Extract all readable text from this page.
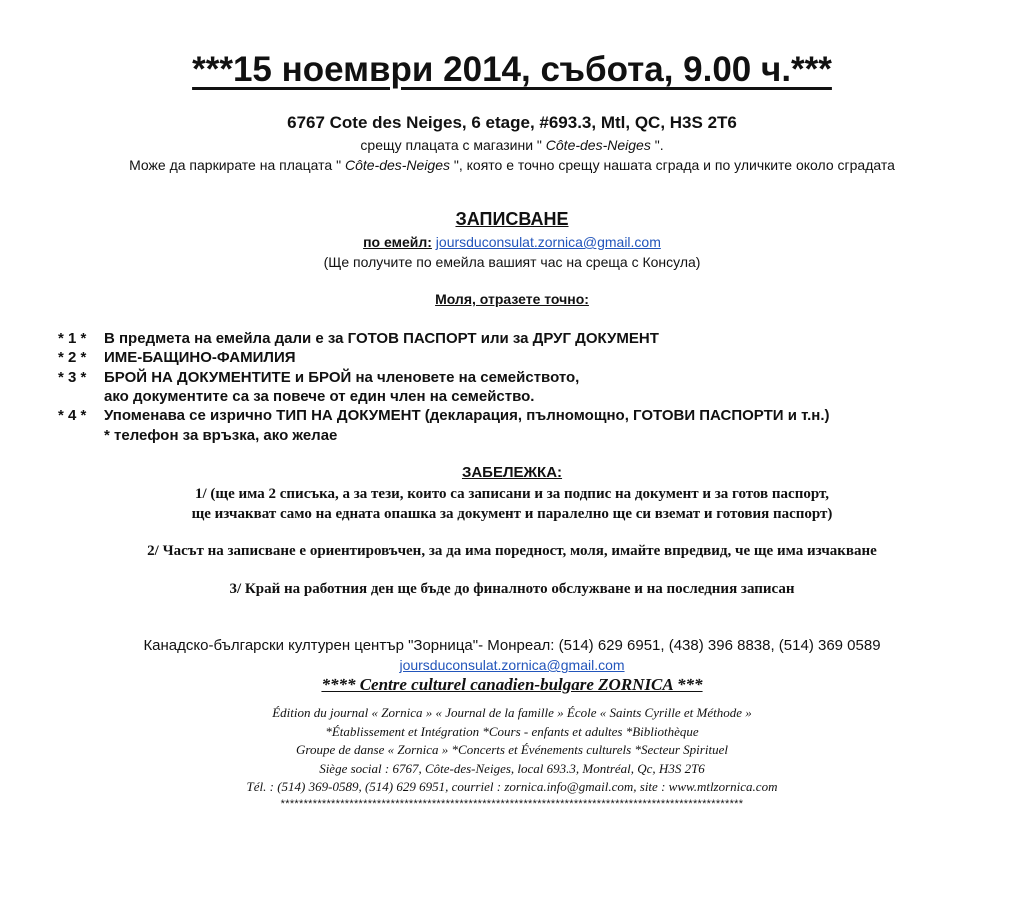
***15 ноември 2014, събота, 9.00 ч.***
6767 Cote des Neiges, 6 etage, #693.3, Mtl, QC, H3S 2T6
срещу плацата с магазини " Côte-des-Neiges ".
Може да паркирате на плацата " Côte-des-Neiges ", която е точно срещу нашата сграда и по уличките около сградата
ЗАПИСВАНЕ
по емейл: joursduconsulat.zornica@gmail.com
(Ще получите по емейла вашият час на среща с Консула)
Моля, отразете точно:
* 1 * В предмета на емейла дали е за ГОТОВ ПАСПОРТ или за ДРУГ ДОКУМЕНТ
* 2 * ИМЕ-БАЩИНО-ФАМИЛИЯ
* 3 * БРОЙ НА ДОКУМЕНТИТЕ и БРОЙ на членовете на семейството,
ако документите са за повече от един член на семейство.
* 4 * Упоменава се изрично ТИП НА ДОКУМЕНТ (декларация, пълномощно, ГОТОВИ ПАСПОРТИ и т.н.)
* телефон за връзка, ако желае
ЗАБЕЛЕЖКА:
1/ (ще има 2 списъка, а за тези, които са записани и за подпис на документ и за готов паспорт,
ще изчакват само на едната опашка за документ и паралелно ще си вземат и готовия паспорт)
2/ Часът на записване е ориентировъчен, за да има поредност, моля, имайте впредвид, че ще има изчакване
3/ Край на работния ден ще бъде до финалното обслужване и на последния записан
Канадско-български културен център "Зорница"- Монреал: (514) 629 6951, (438) 396 8838, (514) 369 0589
joursduconsulat.zornica@gmail.com
**** Centre culturel canadien-bulgare ZORNICA ***
Édition du journal « Zornica » « Journal de la famille » École « Saints Cyrille et Méthode »
*Établissement et Intégration *Cours - enfants et adultes *Bibliothèque
Groupe de danse « Zornica » *Concerts et Événements culturels *Secteur Spirituel
Siège social : 6767, Côte-des-Neiges, local 693.3, Montréal, Qc, H3S 2T6
Tél. : (514) 369-0589, (514) 629 6951, courriel : zornica.info@gmail.com, site : www.mtlzornica.com
*****************************************************************************************************
